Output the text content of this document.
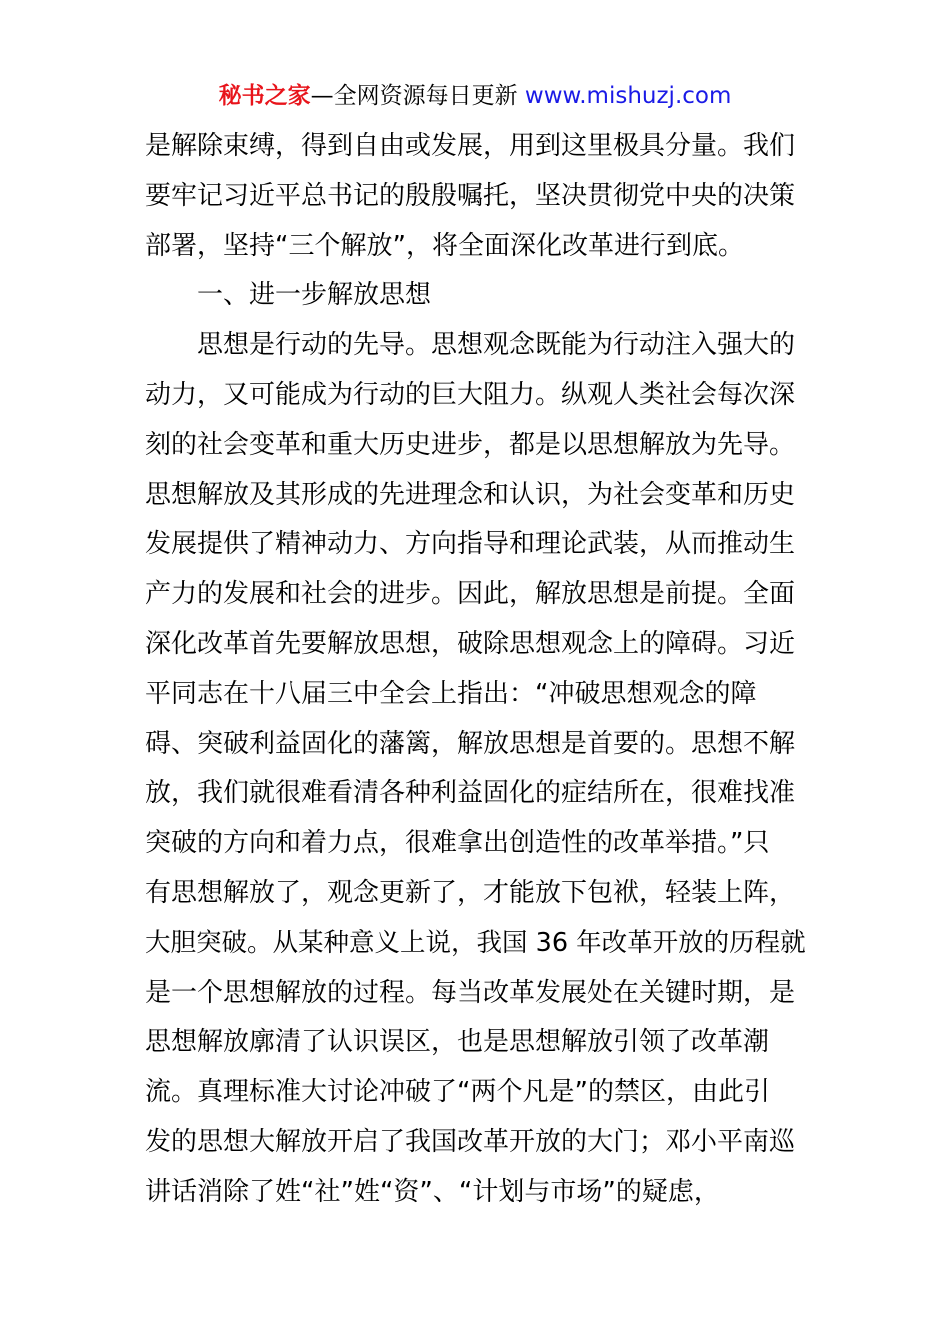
秘书之家—全网资源每日更新 www.mishuzj.com
是解除束缚，得到自由或发展，用到这里极具分量。我们
要牢记习近平总书记的殷殷嘱托，坚决贯彻党中央的决策
部署，坚持“三个解放”，将全面深化改革进行到底。
一、进一步解放思想
思想是行动的先导。思想观念既能为行动注入强大的
动力，又可能成为行动的巨大阻力。纵观人类社会每次深
刻的社会变革和重大历史进步，都是以思想解放为先导。
思想解放及其形成的先进理念和认识，为社会变革和历史
发展提供了精神动力、方向指导和理论武装，从而推动生
产力的发展和社会的进步。因此，解放思想是前提。全面
深化改革首先要解放思想，破除思想观念上的障碍。习近
平同志在十八届三中全会上指出：“冲破思想观念的障
碍、突破利益固化的藩篱，解放思想是首要的。思想不解
放，我们就很难看清各种利益固化的症结所在，很难找准
突破的方向和着力点，很难拿出创造性的改革举措。”只
有思想解放了，观念更新了，才能放下包袱，轻装上阵，
大胆突破。从某种意义上说，我国 36 年改革开放的历程就
是一个思想解放的过程。每当改革发展处在关键时期，是
思想解放廓清了认识误区，也是思想解放引领了改革潮
流。真理标准大讨论冲破了“两个凡是”的禁区，由此引
发的思想大解放开启了我国改革开放的大门；邓小平南巡
讲话消除了姓“社”姓“资”、“计划与市场”的疑虑，
